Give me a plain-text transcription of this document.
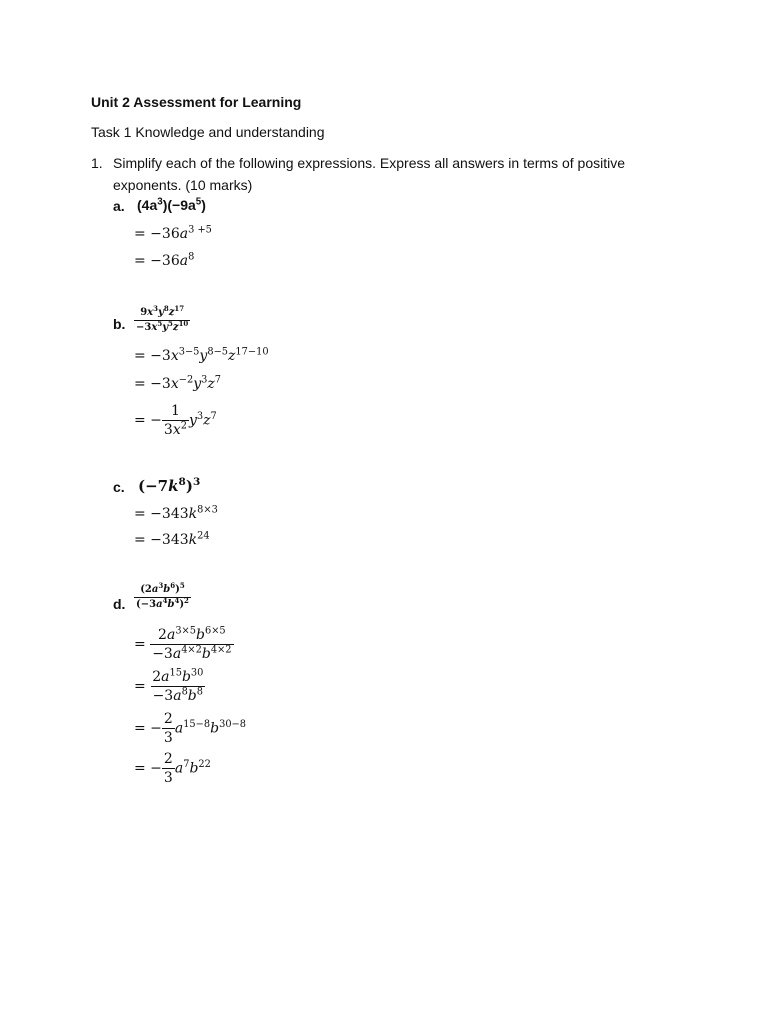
Unit 2 Assessment for Learning
Task 1 Knowledge and understanding
1. Simplify each of the following expressions. Express all answers in terms of positive
exponents. (10 marks)
a. $(4a^3)(-9a^5)$
= $-36a^{3 +5}$
= $-36a^8$
b. $\frac{9x^3y^8z^{17}}{-3x^5y^5z^{10}}$
= $-3x^{3-5}y^{8-5}z^{17-10}$
= $-3x^{-2}y^3z^7$
= − $\frac{1}{3x^2} y^3z^7$
c. $(-7k^8)^3$
= $-343k^{8\times 3}$
= $-343k^{24}$
d. $\frac{(2a^3b^6)^5}{(-3a^4b^4)^2}$
= $\frac{2a^{3\times 5}b^{6\times 5}}{-3a^{4\times 2}b^{4\times 2}}$
= $\frac{2a^{15}b^{30}}{-3a^8b^8}$
= − $\frac{2}{3} a^{15-8}b^{30-8}$
= − $\frac{2}{3} a^7b^{22}$
